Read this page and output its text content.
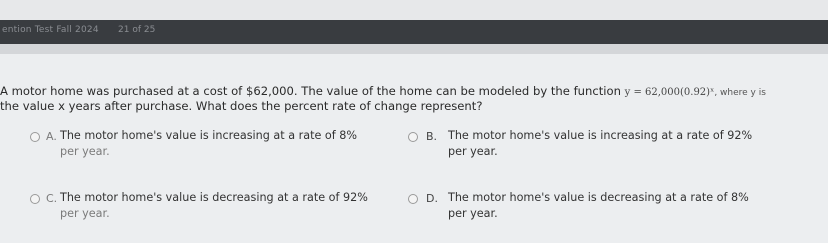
ention Test Fall 2024 21 of 25
A motor home was purchased at a cost of $62,000. The value of the home can be modeled by the function y = 62,000(0.92)ˣ, where y is
the value x years after purchase. What does the percent rate of change represent?
A. The motor home's value is increasing at a rate of 8%
per year.
B. The motor home's value is increasing at a rate of 92%
per year.
C. The motor home's value is decreasing at a rate of 92%
per year.
D. The motor home's value is decreasing at a rate of 8%
per year.
